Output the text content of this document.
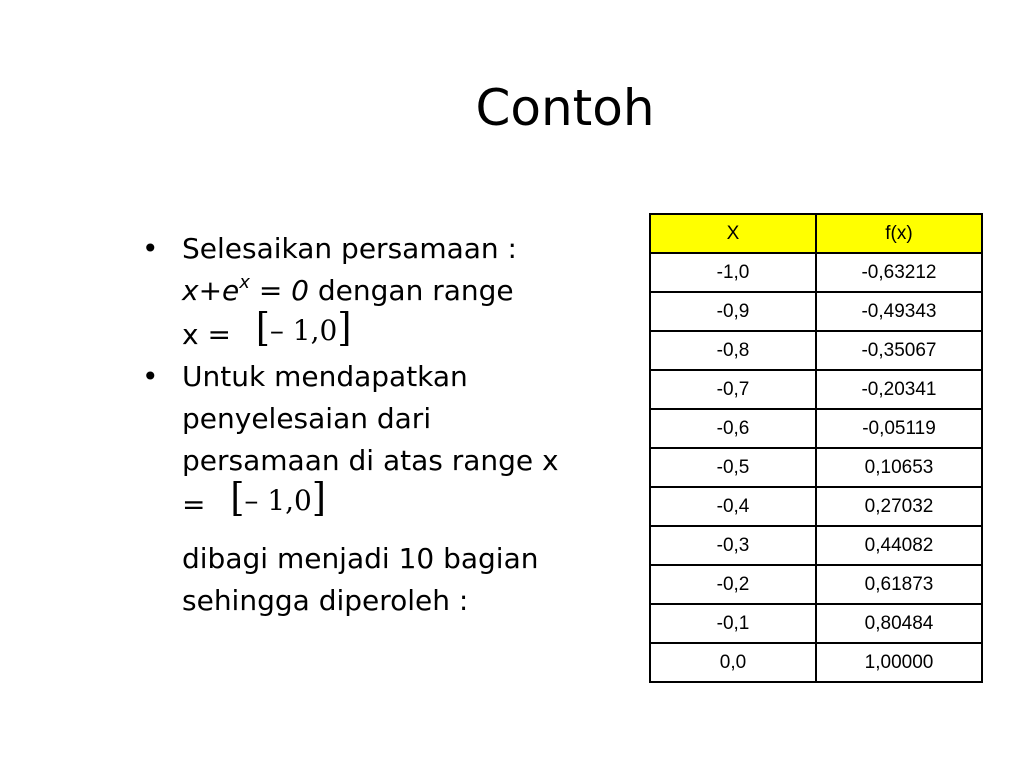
Contoh
• Selesaikan persamaan :
$x+e^x = 0$ dengan range
x = [– 1,0]
• Untuk mendapatkan penyelesaian dari persamaan di atas range x = [– 1,0]
dibagi menjadi 10 bagian sehingga diperoleh :
X	f(x)
-1,0	-0,63212
-0,9	-0,49343
-0,8	-0,35067
-0,7	-0,20341
-0,6	-0,05119
-0,5	0,10653
-0,4	0,27032
-0,3	0,44082
-0,2	0,61873
-0,1	0,80484
0,0	1,00000
